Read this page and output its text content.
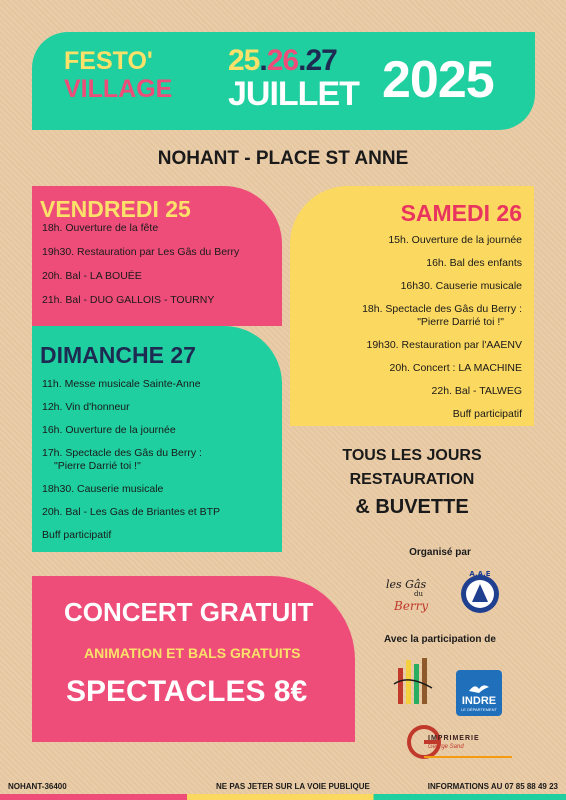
FESTO'
VILLAGE
25.26.27
JUILLET 2025
NOHANT - PLACE ST ANNE
VENDREDI 25
18h. Ouverture de la fête
19h30. Restauration par Les Gâs du Berry
20h. Bal - LA BOUÉE
21h. Bal - DUO GALLOIS - TOURNY
SAMEDI 26
15h. Ouverture de la journée
16h. Bal des enfants
16h30. Causerie musicale
18h. Spectacle des Gâs du Berry :
"Pierre Darrié toi !"
19h30. Restauration par l'AAENV
20h. Concert : LA MACHINE
22h. Bal - TALWEG
Buff participatif
DIMANCHE 27
11h. Messe musicale Sainte-Anne
12h. Vin d'honneur
16h. Ouverture de la journée
17h. Spectacle des Gâs du Berry :
"Pierre Darrié toi !"
18h30. Causerie musicale
20h. Bal - Les Gas de Briantes et BTP
Buff participatif
TOUS LES JOURS
RESTAURATION
& BUVETTE
Organisé par
les Gâs
du
Berry
A.A.E
Avec la participation de
INDRE
LE DÉPARTEMENT
IMPRIMERIE
George Sand
CONCERT GRATUIT
ANIMATION ET BALS GRATUITS
SPECTACLES 8€
NOHANT-36400	NE PAS JETER SUR LA VOIE PUBLIQUE	INFORMATIONS AU 07 85 88 49 23
